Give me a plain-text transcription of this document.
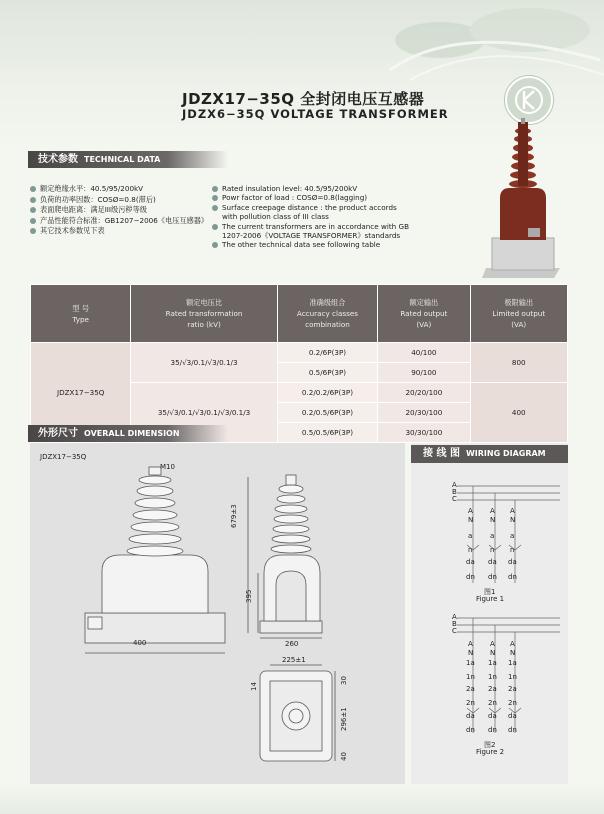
JDZX17−35Q 全封闭电压互感器
JDZX6−35Q VOLTAGE TRANSFORMER
技术参数 TECHNICAL DATA
额定绝缘水平：40.5/95/200kV
负荷的功率因数：COSØ=0.8(滞后)
表面爬电距离：满足III级污秽等级
产品性能符合标准：GB1207−2006《电压互感器》
其它技术参数见下表
Rated insulation level: 40.5/95/200kV
Powr factor of load : COSØ=0.8(lagging)
Surface creepage distance : the product accords
with pollution class of III class
The current transformers are in accordance with GB
1207-2006《VOLTAGE TRANSFORMER》standards
The other technical data see following table
型 号
Type	额定电压比
Rated transformation
ratio (kV)	准确级组合
Accuracy classes
combination	额定输出
Rated output
(VA)	极限输出
Limited output
(VA)
JDZX17−35Q	35/√3/0.1/√3/0.1/3	0.2/6P(3P)	40/100	800
		0.5/6P(3P)	90/100	
	35/√3/0.1/√3/0.1/√3/0.1/3	0.2/0.2/6P(3P)	20/20/100	400
		0.2/0.5/6P(3P)	20/30/100	
		0.5/0.5/6P(3P)	30/30/100	
外形尺寸 OVERALL DIMENSION
JDZX17−35Q
M10
400
679±3
395
260
225±1
14
30
296±1
40
接 线 图 WIRING DIAGRAM
A
B
C
A A A
N N N
a	a a
n	n n
da da da
dn dn dn
图1
Figure 1
A
B
C
A A A
N N N
1a 1a 1a
1n 1n 1n
2a 2a 2a
2n 2n 2n
da da da
dn dn dn
图2
Figure 2
